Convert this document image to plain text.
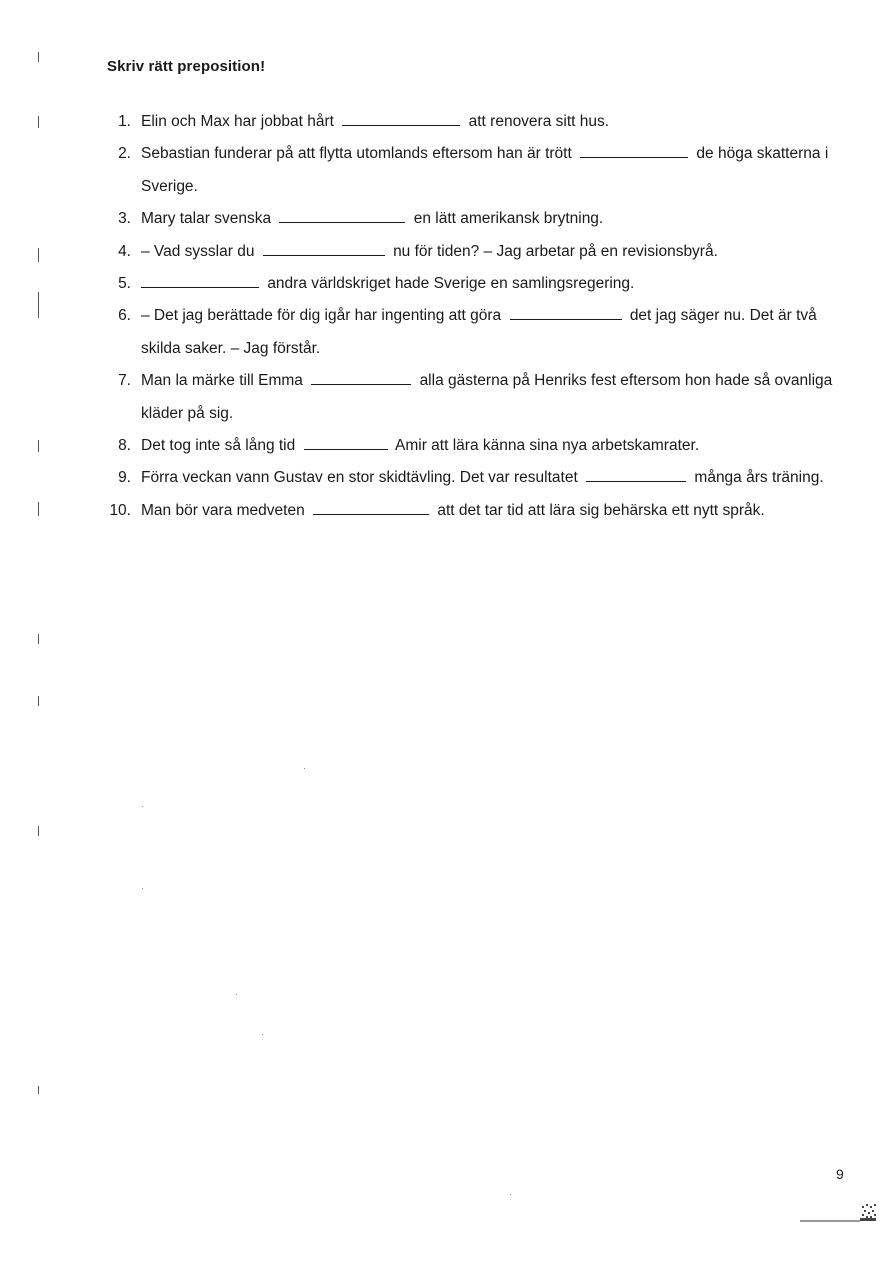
Skriv rätt preposition!
1. Elin och Max har jobbat hårt	att renovera sitt hus.
2. Sebastian funderar på att flytta utomlands eftersom han är trött	de höga skatterna i Sverige.
3. Mary talar svenska	en lätt amerikansk brytning.
4. – Vad sysslar du	nu för tiden? – Jag arbetar på en revisionsbyrå.
5.	andra världskriget hade Sverige en samlingsregering.
6. – Det jag berättade för dig igår har ingenting att göra	det jag säger nu. Det är två skilda saker. – Jag förstår.
7. Man la märke till Emma	alla gästerna på Henriks fest eftersom hon hade så ovanliga kläder på sig.
8. Det tog inte så lång tid	Amir att lära känna sina nya arbetskamrater.
9. Förra veckan vann Gustav en stor skidtävling. Det var resultatet	många års träning.
10. Man bör vara medveten	att det tar tid att lära sig behärska ett nytt språk.
9
